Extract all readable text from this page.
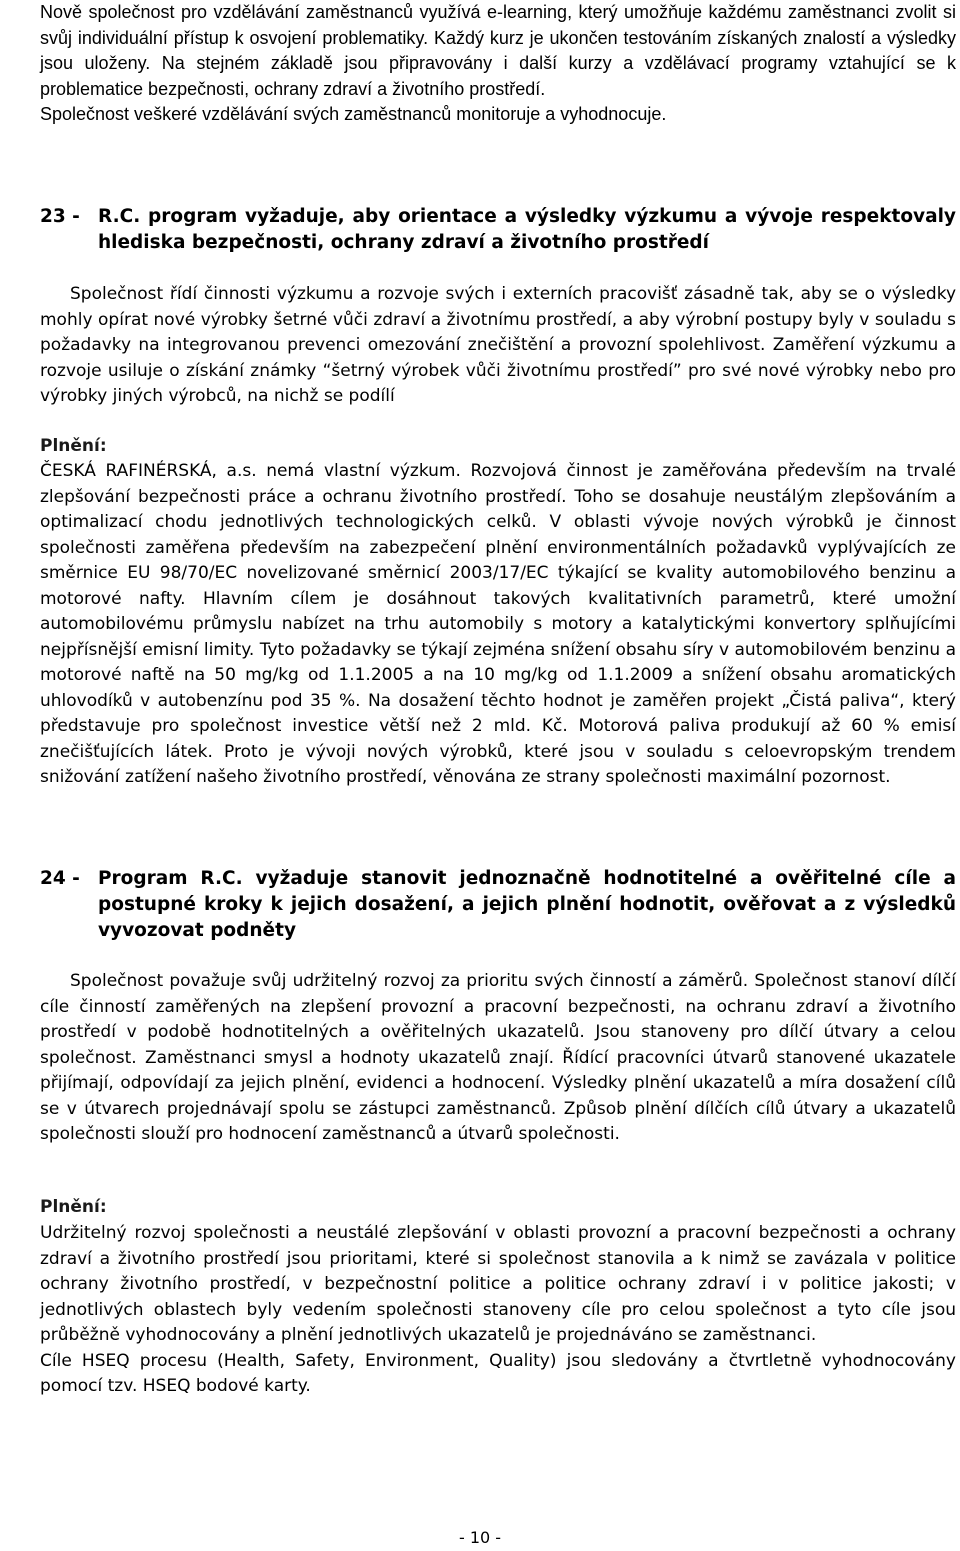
Nově společnost pro vzdělávání zaměstnanců využívá e-learning, který umožňuje každému zaměstnanci zvolit si svůj individuální přístup k osvojení problematiky. Každý kurz je ukončen testováním získaných znalostí a výsledky jsou uloženy. Na stejném základě jsou připravovány i další kurzy a vzdělávací programy vztahující se k problematice bezpečnosti, ochrany zdraví a životního prostředí.

Společnost veškeré vzdělávání svých zaměstnanců monitoruje a vyhodnocuje.

23 - R.C. program vyžaduje, aby orientace a výsledky výzkumu a vývoje respektovaly hlediska bezpečnosti, ochrany zdraví a životního prostředí

Společnost řídí činnosti výzkumu a rozvoje svých i externích pracovišť zásadně tak, aby se o výsledky mohly opírat nové výrobky šetrné vůči zdraví a životnímu prostředí, a aby výrobní postupy byly v souladu s požadavky na integrovanou prevenci omezování znečištění a provozní spolehlivost. Zaměření výzkumu a rozvoje usiluje o získání známky “šetrný výrobek vůči životnímu prostředí” pro své nové výrobky nebo pro výrobky jiných výrobců, na nichž se podílí

Plnění:

ČESKÁ RAFINÉRSKÁ, a.s. nemá vlastní výzkum. Rozvojová činnost je zaměřována především na trvalé zlepšování bezpečnosti práce a ochranu životního prostředí. Toho se dosahuje neustálým zlepšováním a optimalizací chodu jednotlivých technologických celků. V oblasti vývoje nových výrobků je činnost společnosti zaměřena především na zabezpečení plnění environmentálních požadavků vyplývajících ze směrnice EU 98/70/EC novelizované směrnicí 2003/17/EC týkající se kvality automobilového benzinu a motorové nafty. Hlavním cílem je dosáhnout takových kvalitativních parametrů, které umožní automobilovému průmyslu nabízet na trhu automobily s motory a katalytickými konvertory splňujícími nejpřísnější emisní limity. Tyto požadavky se týkají zejména snížení obsahu síry v automobilovém benzinu a motorové naftě na 50 mg/kg od 1.1.2005 a na 10 mg/kg od 1.1.2009 a snížení obsahu aromatických uhlovodíků v autobenzínu pod 35 %. Na dosažení těchto hodnot je zaměřen projekt „Čistá paliva“, který představuje pro společnost investice větší než 2 mld. Kč. Motorová paliva produkují až 60 % emisí znečišťujících látek. Proto je vývoji nových výrobků, které jsou v souladu s celoevropským trendem snižování zatížení našeho životního prostředí, věnována ze strany společnosti maximální pozornost.

24 - Program R.C. vyžaduje stanovit jednoznačně hodnotitelné a ověřitelné cíle a postupné kroky k jejich dosažení, a jejich plnění hodnotit, ověřovat a z výsledků vyvozovat podněty

Společnost považuje svůj udržitelný rozvoj za prioritu svých činností a záměrů. Společnost stanoví dílčí cíle činností zaměřených na zlepšení provozní a pracovní bezpečnosti, na ochranu zdraví a životního prostředí v podobě hodnotitelných a ověřitelných ukazatelů. Jsou stanoveny pro dílčí útvary a celou společnost. Zaměstnanci smysl a hodnoty ukazatelů znají. Řídící pracovníci útvarů stanovené ukazatele přijímají, odpovídají za jejich plnění, evidenci a hodnocení. Výsledky plnění ukazatelů a míra dosažení cílů se v útvarech projednávají spolu se zástupci zaměstnanců. Způsob plnění dílčích cílů útvary a ukazatelů společnosti slouží pro hodnocení zaměstnanců a útvarů společnosti.

Plnění:

Udržitelný rozvoj společnosti a neustálé zlepšování v oblasti provozní a pracovní bezpečnosti a ochrany zdraví a životního prostředí jsou prioritami, které si společnost stanovila a k nimž se zavázala v politice ochrany životního prostředí, v bezpečnostní politice a politice ochrany zdraví i v politice jakosti; v jednotlivých oblastech byly vedením společnosti stanoveny cíle pro celou společnost a tyto cíle jsou průběžně vyhodnocovány a plnění jednotlivých ukazatelů je projednáváno se zaměstnanci.

Cíle HSEQ procesu (Health, Safety, Environment, Quality) jsou sledovány a čtvrtletně vyhodnocovány pomocí tzv. HSEQ bodové karty.

- 10 -
